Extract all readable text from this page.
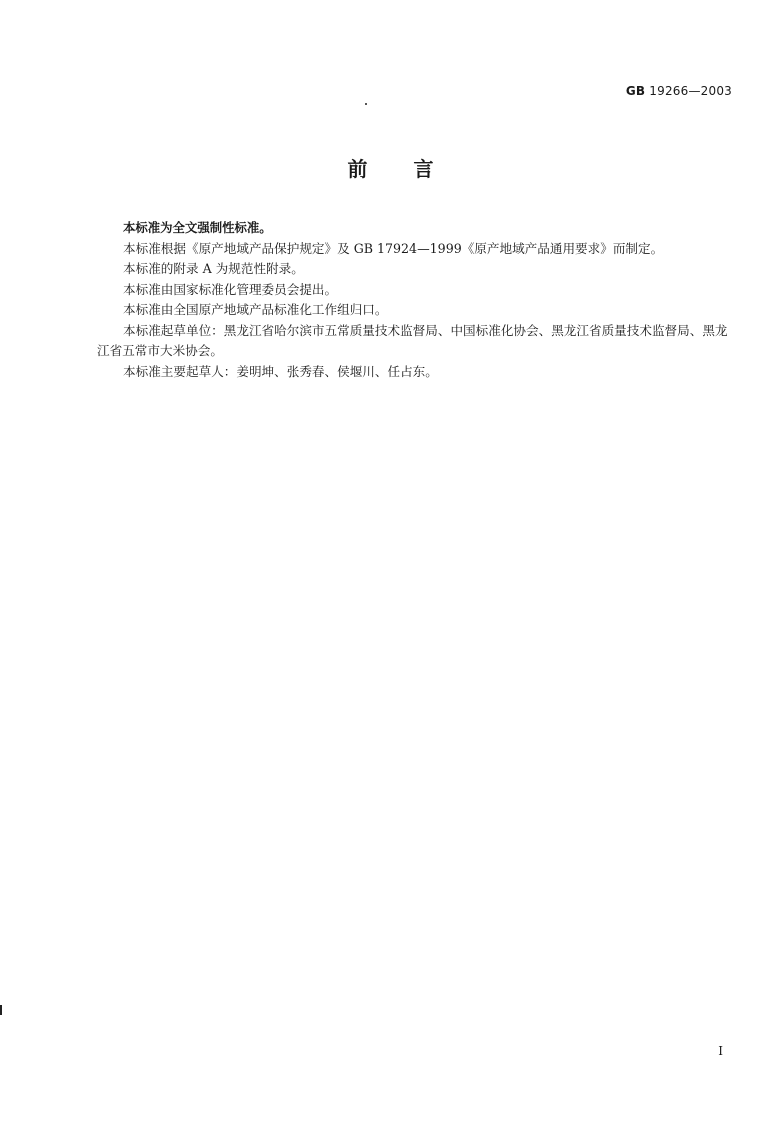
GB 19266—2003
前言

本标准为全文强制性标准。

本标准根据《原产地域产品保护规定》及 GB 17924—1999《原产地域产品通用要求》而制定。

本标准的附录 A 为规范性附录。

本标准由国家标准化管理委员会提出。

本标准由全国原产地域产品标准化工作组归口。

本标准起草单位：黑龙江省哈尔滨市五常质量技术监督局、中国标准化协会、黑龙江省质量技术监督局、黑龙江省五常市大米协会。

本标准主要起草人：姜明坤、张秀春、侯堰川、任占东。

I
